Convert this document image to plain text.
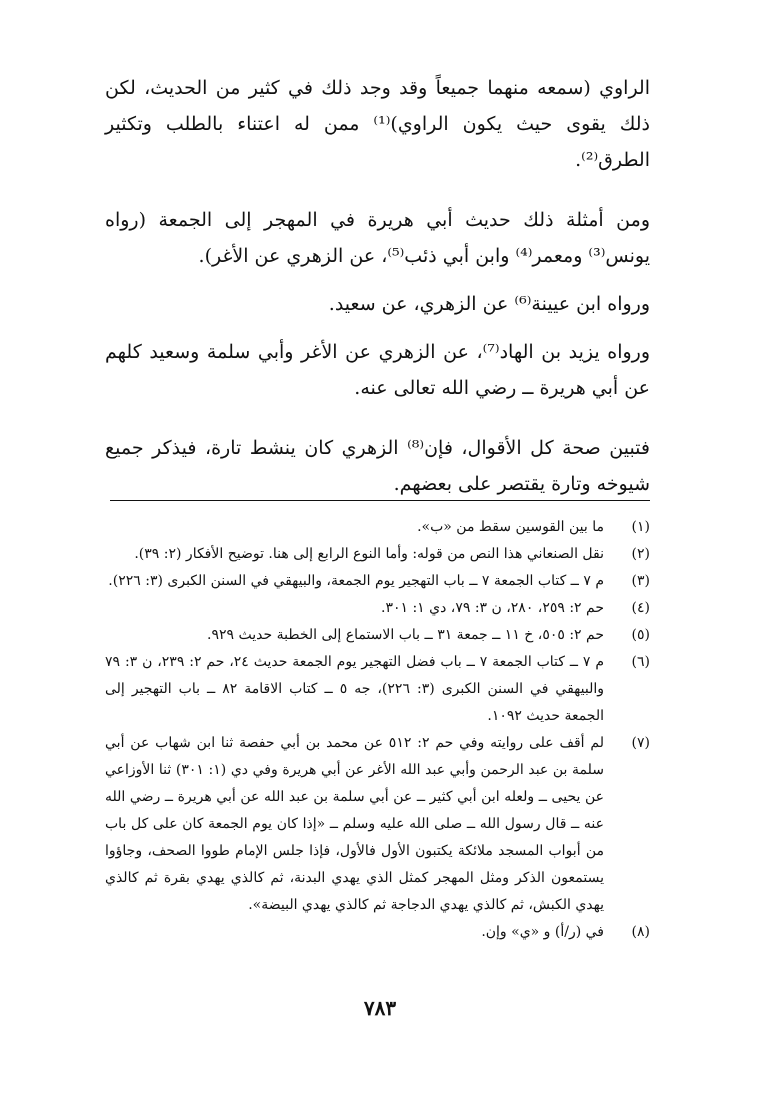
الراوي (سمعه منهما جميعاً وقد وجد ذلك في كثير من الحديث، لكن ذلك يقوى حيث يكون الراوي)⁽¹⁾ ممن له اعتناء بالطلب وتكثير الطرق⁽²⁾.

ومن أمثلة ذلك حديث أبي هريرة في المهجر إلى الجمعة (رواه يونس⁽³⁾ ومعمر⁽⁴⁾ وابن أبي ذئب⁽⁵⁾، عن الزهري عن الأغر).

ورواه ابن عيينة⁽⁶⁾ عن الزهري، عن سعيد.

ورواه يزيد بن الهاد⁽⁷⁾، عن الزهري عن الأغر وأبي سلمة وسعيد كلهم عن أبي هريرة ــ رضي الله تعالى عنه.

فتبين صحة كل الأقوال، فإن⁽⁸⁾ الزهري كان ينشط تارة، فيذكر جميع شيوخه وتارة يقتصر على بعضهم.

(١)
ما بين القوسين سقط من «ب».
(٢)
نقل الصنعاني هذا النص من قوله: وأما النوع الرابع إلى هنا. توضيح الأفكار (٢: ٣٩).
(٣)
م ٧ ــ كتاب الجمعة ٧ ــ باب التهجير يوم الجمعة، والبيهقي في السنن الكبرى (٣: ٢٢٦).
(٤)
حم ٢: ٢٥٩، ٢٨٠، ن ٣: ٧٩، دي ١: ٣٠١.
(٥)
حم ٢: ٥٠٥، خ ١١ ــ جمعة ٣١ ــ باب الاستماع إلى الخطبة حديث ٩٢٩.
(٦)
م ٧ ــ كتاب الجمعة ٧ ــ باب فضل التهجير يوم الجمعة حديث ٢٤، حم ٢: ٢٣٩، ن ٣: ٧٩ والبيهقي في السنن الكبرى (٣: ٢٢٦)، جه ٥ ــ كتاب الاقامة ٨٢ ــ باب التهجير إلى الجمعة حديث ١٠٩٢.
(٧)
لم أقف على روايته وفي حم ٢: ٥١٢ عن محمد بن أبي حفصة ثنا ابن شهاب عن أبي سلمة بن عبد الرحمن وأبي عبد الله الأغر عن أبي هريرة وفي دي (١: ٣٠١) ثنا الأوزاعي عن يحيى ــ ولعله ابن أبي كثير ــ عن أبي سلمة بن عبد الله عن أبي هريرة ــ رضي الله عنه ــ قال رسول الله ــ صلى الله عليه وسلم ــ «إذا كان يوم الجمعة كان على كل باب من أبواب المسجد ملائكة يكتبون الأول فالأول، فإذا جلس الإمام طووا الصحف، وجاؤوا يستمعون الذكر ومثل المهجر كمثل الذي يهدي البدنة، ثم كالذي يهدي بقرة ثم كالذي يهدي الكبش، ثم كالذي يهدي الدجاجة ثم كالذي يهدي البيضة».
(٨)
في (ر/أ) و «ي» وإن.
٧٨٣
